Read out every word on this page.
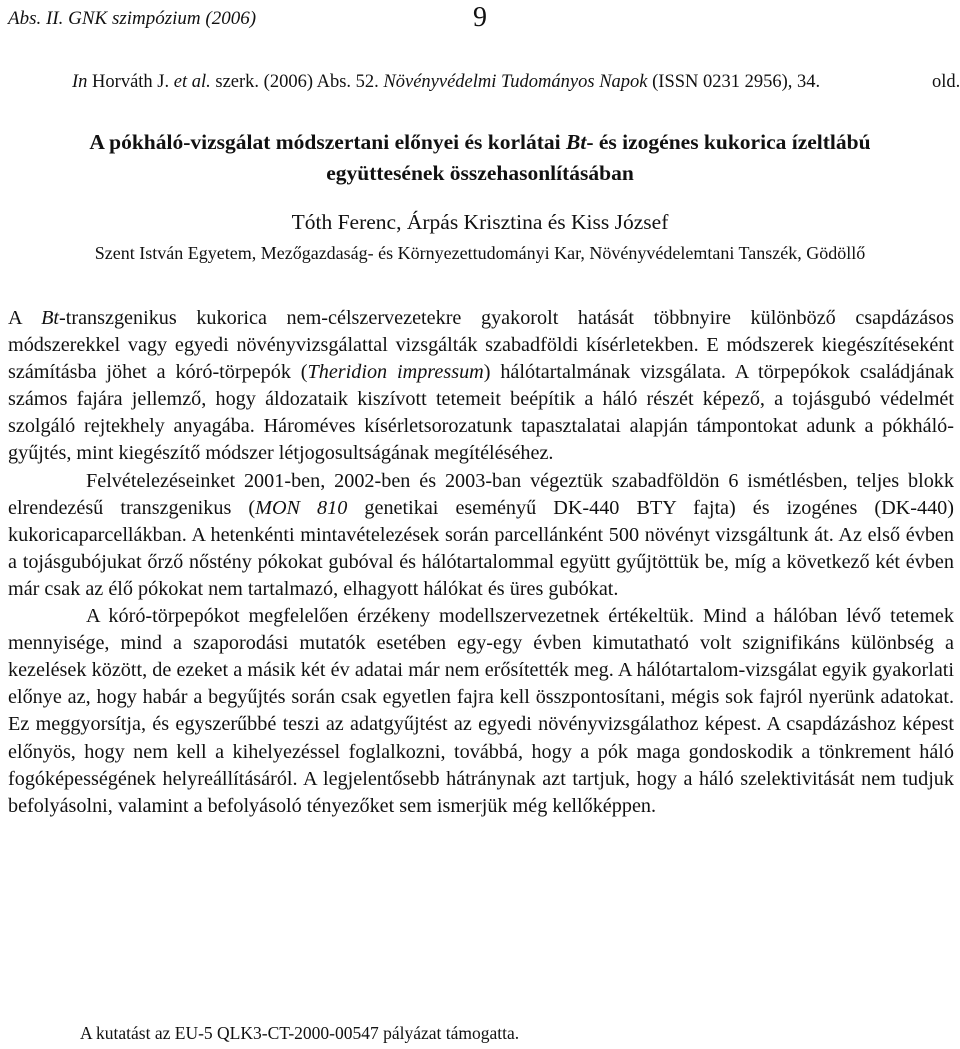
Abs. II. GNK szimpózium (2006)	9
In Horváth J. et al. szerk. (2006) Abs. 52. Növényvédelmi Tudományos Napok (ISSN 0231 2956), 34.	old.
A pókháló-vizsgálat módszertani előnyei és korlátai Bt- és izogénes kukorica ízeltlábú
együttesének összehasonlításában
Tóth Ferenc, Árpás Krisztina és Kiss József
Szent István Egyetem, Mezőgazdaság- és Környezettudományi Kar, Növényvédelemtani Tanszék, Gödöllő

A Bt-transzgenikus kukorica nem-célszervezetekre gyakorolt hatását többnyire különböző csapdázásos módszerekkel vagy egyedi növényvizsgálattal vizsgálták szabadföldi kísérletekben. E módszerek kiegészítéseként számításba jöhet a kóró-törpepók (Theridion impressum) hálótartalmának vizsgálata. A törpepókok családjának számos fajára jellemző, hogy áldozataik kiszívott tetemeit beépítik a háló részét képező, a tojásgubó védelmét szolgáló rejtekhely anyagába. Hároméves kísérletsorozatunk tapasztalatai alapján támpontokat adunk a pókháló-gyűjtés, mint kiegészítő módszer létjogosultságának megítéléséhez.

Felvételezéseinket 2001-ben, 2002-ben és 2003-ban végeztük szabadföldön 6 ismétlésben, teljes blokk elrendezésű transzgenikus (MON 810 genetikai eseményű DK-440 BTY fajta) és izogénes (DK-440) kukoricaparcellákban. A hetenkénti mintavételezések során parcellánként 500 növényt vizsgáltunk át. Az első évben a tojásgubójukat őrző nőstény pókokat gubóval és hálótartalommal együtt gyűjtöttük be, míg a következő két évben már csak az élő pókokat nem tartalmazó, elhagyott hálókat és üres gubókat.

A kóró-törpepókot megfelelően érzékeny modellszervezetnek értékeltük. Mind a hálóban lévő tetemek mennyisége, mind a szaporodási mutatók esetében egy-egy évben kimutatható volt szignifikáns különbség a kezelések között, de ezeket a másik két év adatai már nem erősítették meg. A hálótartalom-vizsgálat egyik gyakorlati előnye az, hogy habár a begyűjtés során csak egyetlen fajra kell összpontosítani, mégis sok fajról nyerünk adatokat. Ez meggyorsítja, és egyszerűbbé teszi az adatgyűjtést az egyedi növényvizsgálathoz képest. A csapdázáshoz képest előnyös, hogy nem kell a kihelyezéssel foglalkozni, továbbá, hogy a pók maga gondoskodik a tönkrement háló fogóképességének helyreállításáról. A legjelentősebb hátránynak azt tartjuk, hogy a háló szelektivitását nem tudjuk befolyásolni, valamint a befolyásoló tényezőket sem ismerjük még kellőképpen.

A kutatást az EU-5 QLK3-CT-2000-00547 pályázat támogatta.
